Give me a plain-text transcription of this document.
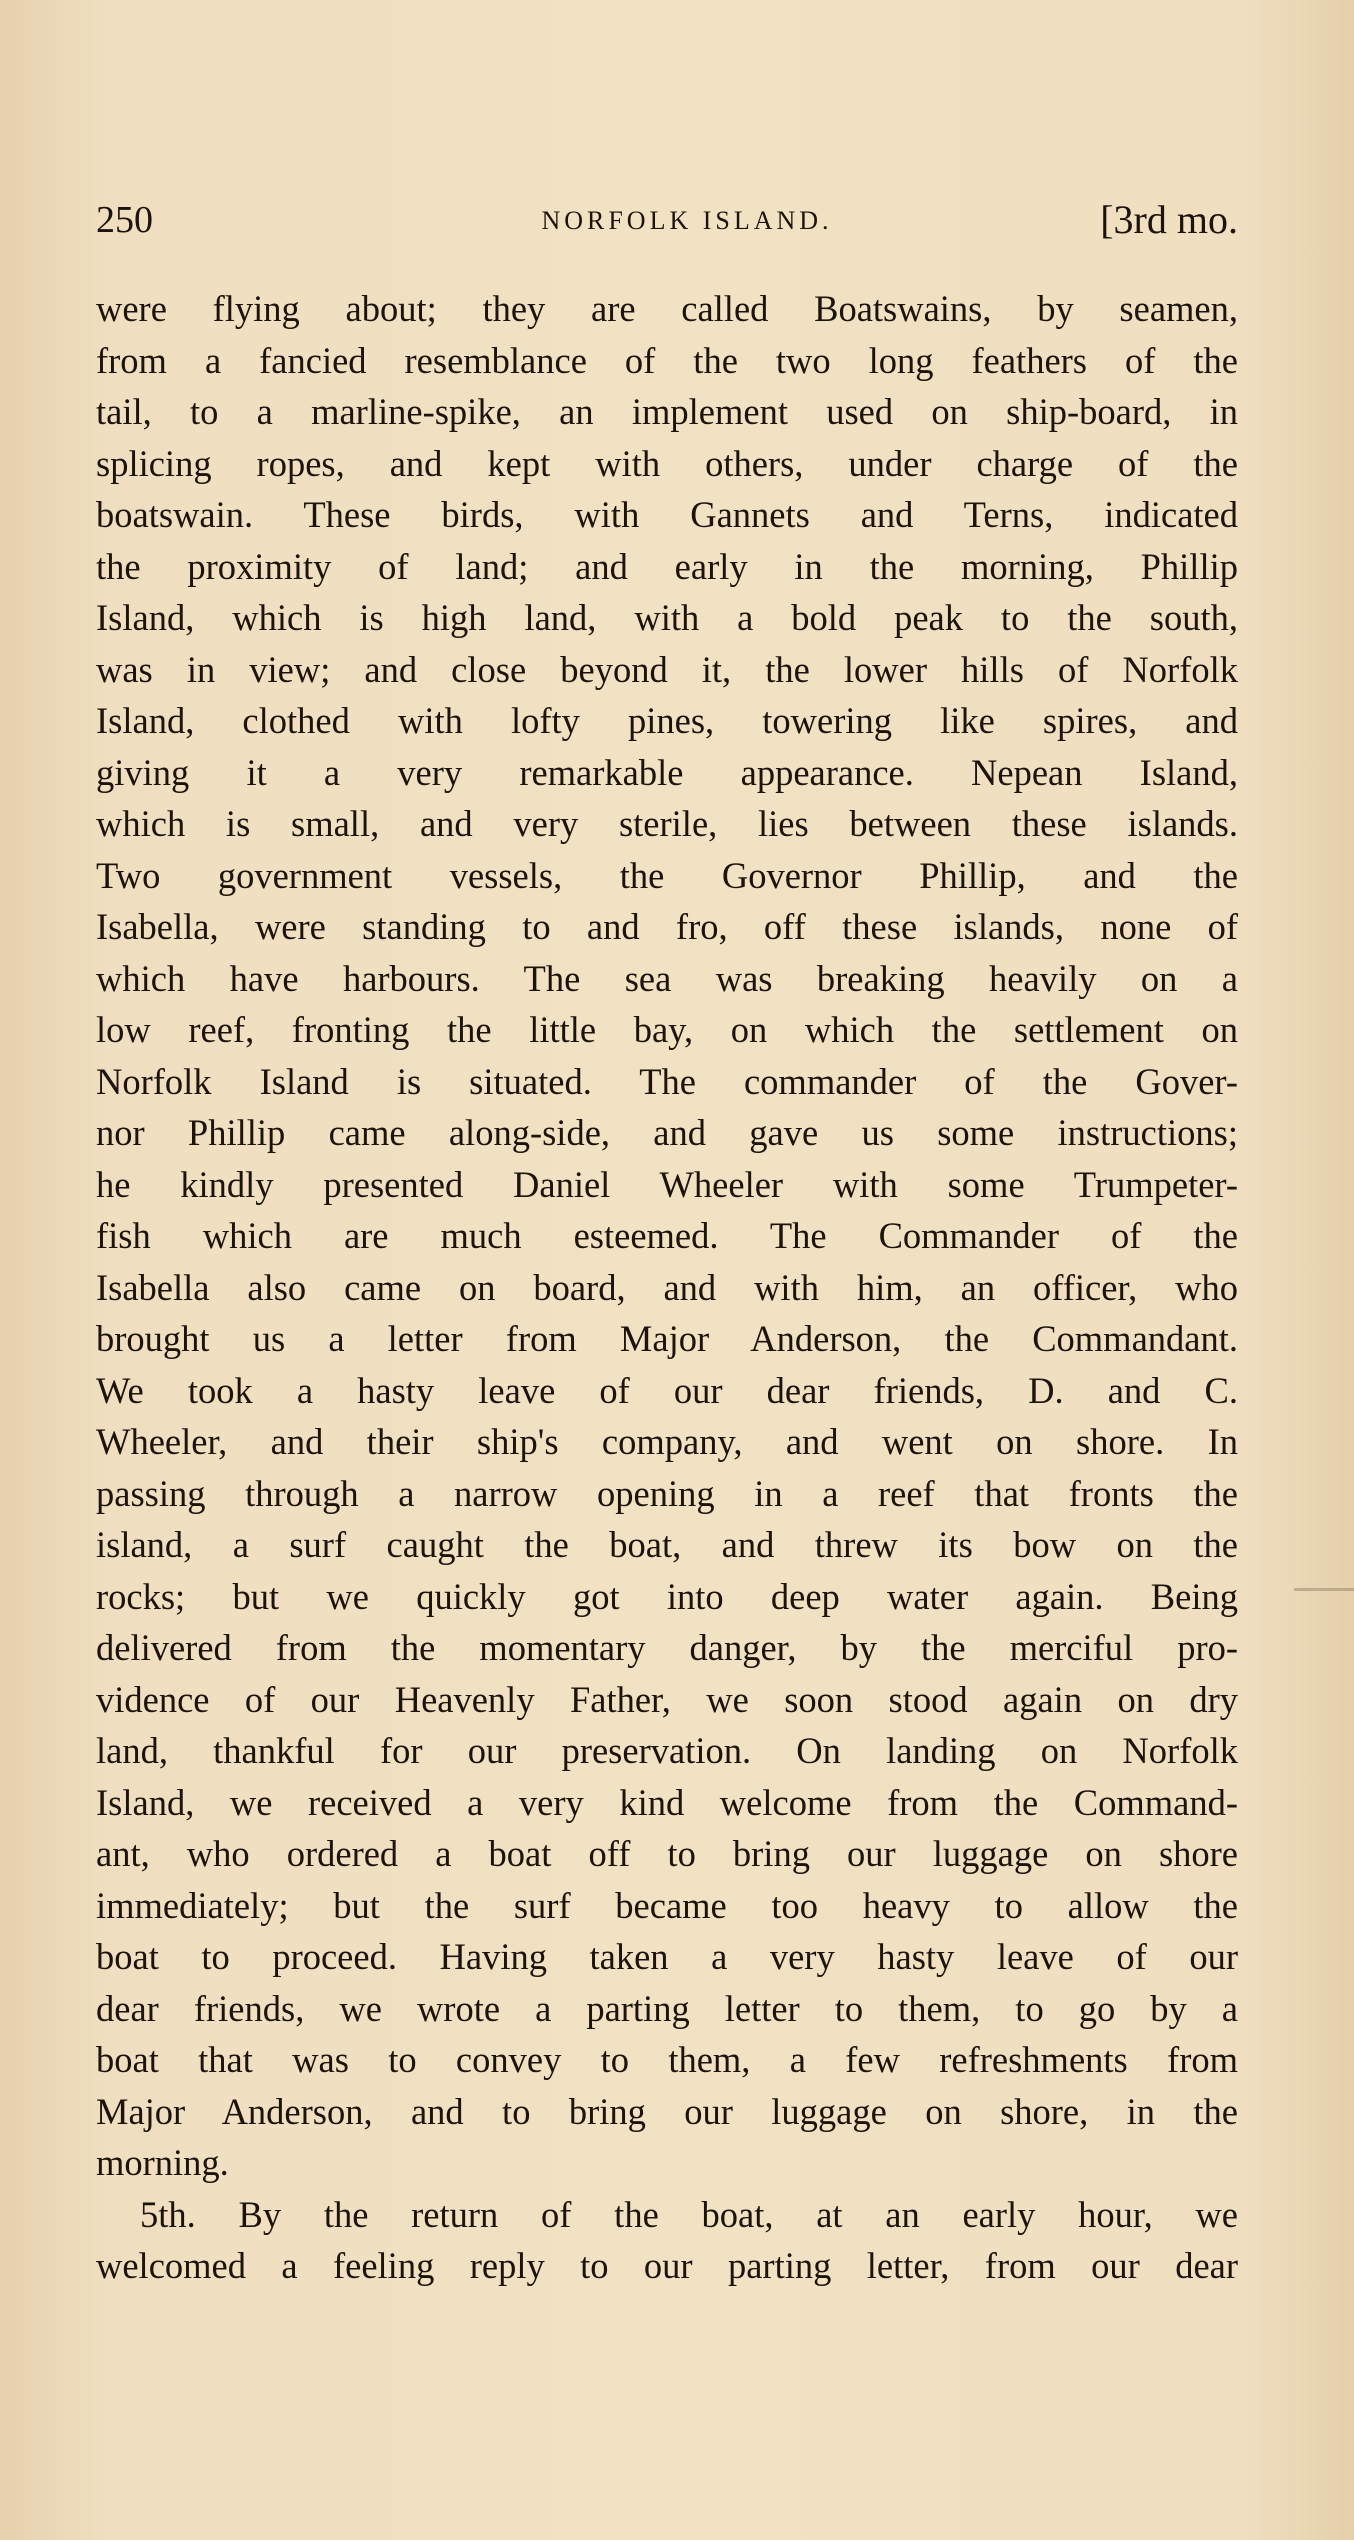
250	NORFOLK ISLAND.	[3rd mo.
were flying about; they are called Boatswains, by seamen,
from a fancied resemblance of the two long feathers of the
tail, to a marline-spike, an implement used on ship-board, in
splicing ropes, and kept with others, under charge of the
boatswain. These birds, with Gannets and Terns, indicated
the proximity of land; and early in the morning, Phillip
Island, which is high land, with a bold peak to the south,
was in view; and close beyond it, the lower hills of Norfolk
Island, clothed with lofty pines, towering like spires, and
giving it a very remarkable appearance. Nepean Island,
which is small, and very sterile, lies between these islands.
Two government vessels, the Governor Phillip, and the
Isabella, were standing to and fro, off these islands, none of
which have harbours. The sea was breaking heavily on a
low reef, fronting the little bay, on which the settlement on
Norfolk Island is situated. The commander of the Gover-
nor Phillip came along-side, and gave us some instructions;
he kindly presented Daniel Wheeler with some Trumpeter-
fish which are much esteemed. The Commander of the
Isabella also came on board, and with him, an officer, who
brought us a letter from Major Anderson, the Commandant.
We took a hasty leave of our dear friends, D. and C.
Wheeler, and their ship's company, and went on shore. In
passing through a narrow opening in a reef that fronts the
island, a surf caught the boat, and threw its bow on the
rocks; but we quickly got into deep water again. Being
delivered from the momentary danger, by the merciful pro-
vidence of our Heavenly Father, we soon stood again on dry
land, thankful for our preservation. On landing on Norfolk
Island, we received a very kind welcome from the Command-
ant, who ordered a boat off to bring our luggage on shore
immediately; but the surf became too heavy to allow the
boat to proceed. Having taken a very hasty leave of our
dear friends, we wrote a parting letter to them, to go by a
boat that was to convey to them, a few refreshments from
Major Anderson, and to bring our luggage on shore, in the
morning.
5th. By the return of the boat, at an early hour, we
welcomed a feeling reply to our parting letter, from our dear
